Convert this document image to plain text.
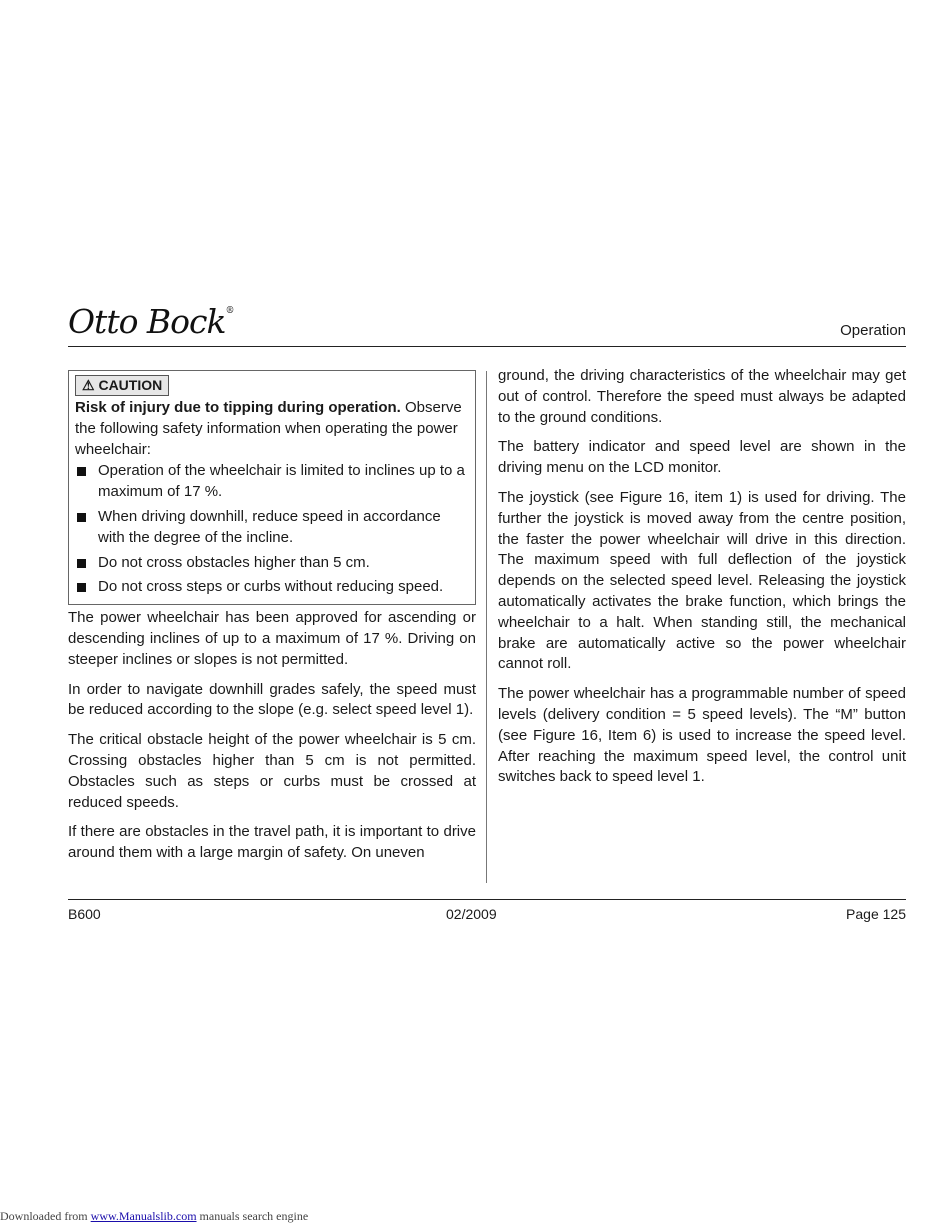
Otto Bock®
Operation
⚠ CAUTION

Risk of injury due to tipping during operation. Observe the following safety information when operating the power wheelchair:

Operation of the wheelchair is limited to inclines up to a maximum of 17 %.
When driving downhill, reduce speed in accordance with the degree of the incline.
Do not cross obstacles higher than 5 cm.
Do not cross steps or curbs without reducing speed.

The power wheelchair has been approved for ascending or descending inclines of up to a maximum of 17 %. Driving on steeper inclines or slopes is not permitted.

In order to navigate downhill grades safely, the speed must be reduced according to the slope (e.g. select speed level 1).

The critical obstacle height of the power wheelchair is 5 cm. Crossing obstacles higher than 5 cm is not permitted. Obstacles such as steps or curbs must be crossed at reduced speeds.

If there are obstacles in the travel path, it is important to drive around them with a large margin of safety. On uneven

ground, the driving characteristics of the wheelchair may get out of control. Therefore the speed must always be adapted to the ground conditions.

The battery indicator and speed level are shown in the driving menu on the LCD monitor.

The joystick (see Figure 16, item 1) is used for driving. The further the joystick is moved away from the centre position, the faster the power wheelchair will drive in this direction. The maximum speed with full deflection of the joystick depends on the selected speed level. Releasing the joystick automatically activates the brake function, which brings the wheelchair to a halt. When standing still, the mechanical brake are automatically active so the power wheelchair cannot roll.

The power wheelchair has a programmable number of speed levels (delivery condition = 5 speed levels). The “M” button (see Figure 16, Item 6) is used to increase the speed level. After reaching the maximum speed level, the control unit switches back to speed level 1.

B600	02/2009	Page 125
Downloaded from www.Manualslib.com manuals search engine
